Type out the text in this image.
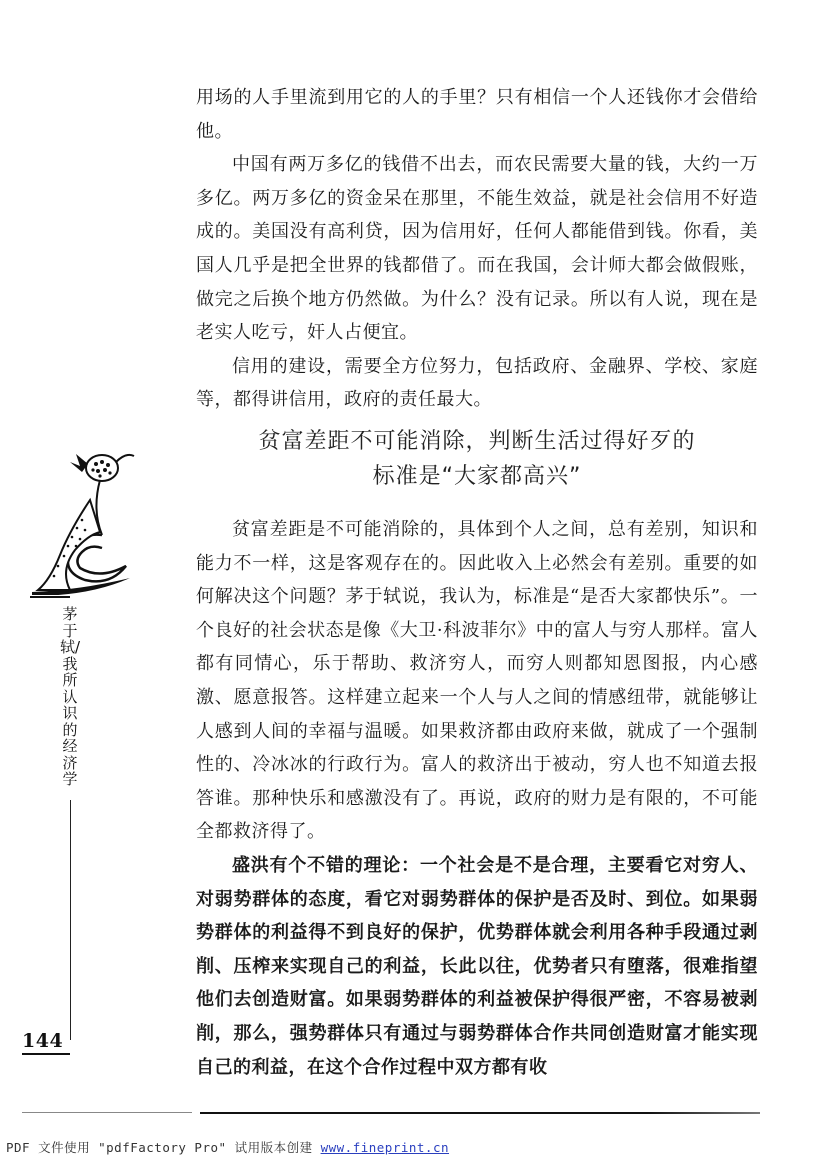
用场的人手里流到用它的人的手里？只有相信一个人还钱你才会借给他。

中国有两万多亿的钱借不出去，而农民需要大量的钱，大约一万多亿。两万多亿的资金呆在那里，不能生效益，就是社会信用不好造成的。美国没有高利贷，因为信用好，任何人都能借到钱。你看，美国人几乎是把全世界的钱都借了。而在我国，会计师大都会做假账，做完之后换个地方仍然做。为什么？没有记录。所以有人说，现在是老实人吃亏，奸人占便宜。

信用的建设，需要全方位努力，包括政府、金融界、学校、家庭等，都得讲信用，政府的责任最大。

贫富差距不可能消除，判断生活过得好歹的
标准是“大家都高兴”

贫富差距是不可能消除的，具体到个人之间，总有差别，知识和能力不一样，这是客观存在的。因此收入上必然会有差别。重要的如何解决这个问题？茅于轼说，我认为，标准是“是否大家都快乐”。一个良好的社会状态是像《大卫·科波菲尔》中的富人与穷人那样。富人都有同情心，乐于帮助、救济穷人，而穷人则都知恩图报，内心感激、愿意报答。这样建立起来一个人与人之间的情感纽带，就能够让人感到人间的幸福与温暖。如果救济都由政府来做，就成了一个强制性的、冷冰冰的行政行为。富人的救济出于被动，穷人也不知道去报答谁。那种快乐和感激没有了。再说，政府的财力是有限的，不可能全都救济得了。

盛洪有个不错的理论：一个社会是不是合理，主要看它对穷人、对弱势群体的态度，看它对弱势群体的保护是否及时、到位。如果弱势群体的利益得不到良好的保护，优势群体就会利用各种手段通过剥削、压榨来实现自己的利益，长此以往，优势者只有堕落，很难指望他们去创造财富。如果弱势群体的利益被保护得很严密，不容易被剥削，那么，强势群体只有通过与弱势群体合作共同创造财富才能实现自己的利益，在这个合作过程中双方都有收

茅于轼/我所认识的经济学
144
PDF 文件使用 "pdfFactory Pro" 试用版本创建 www.fineprint.cn
